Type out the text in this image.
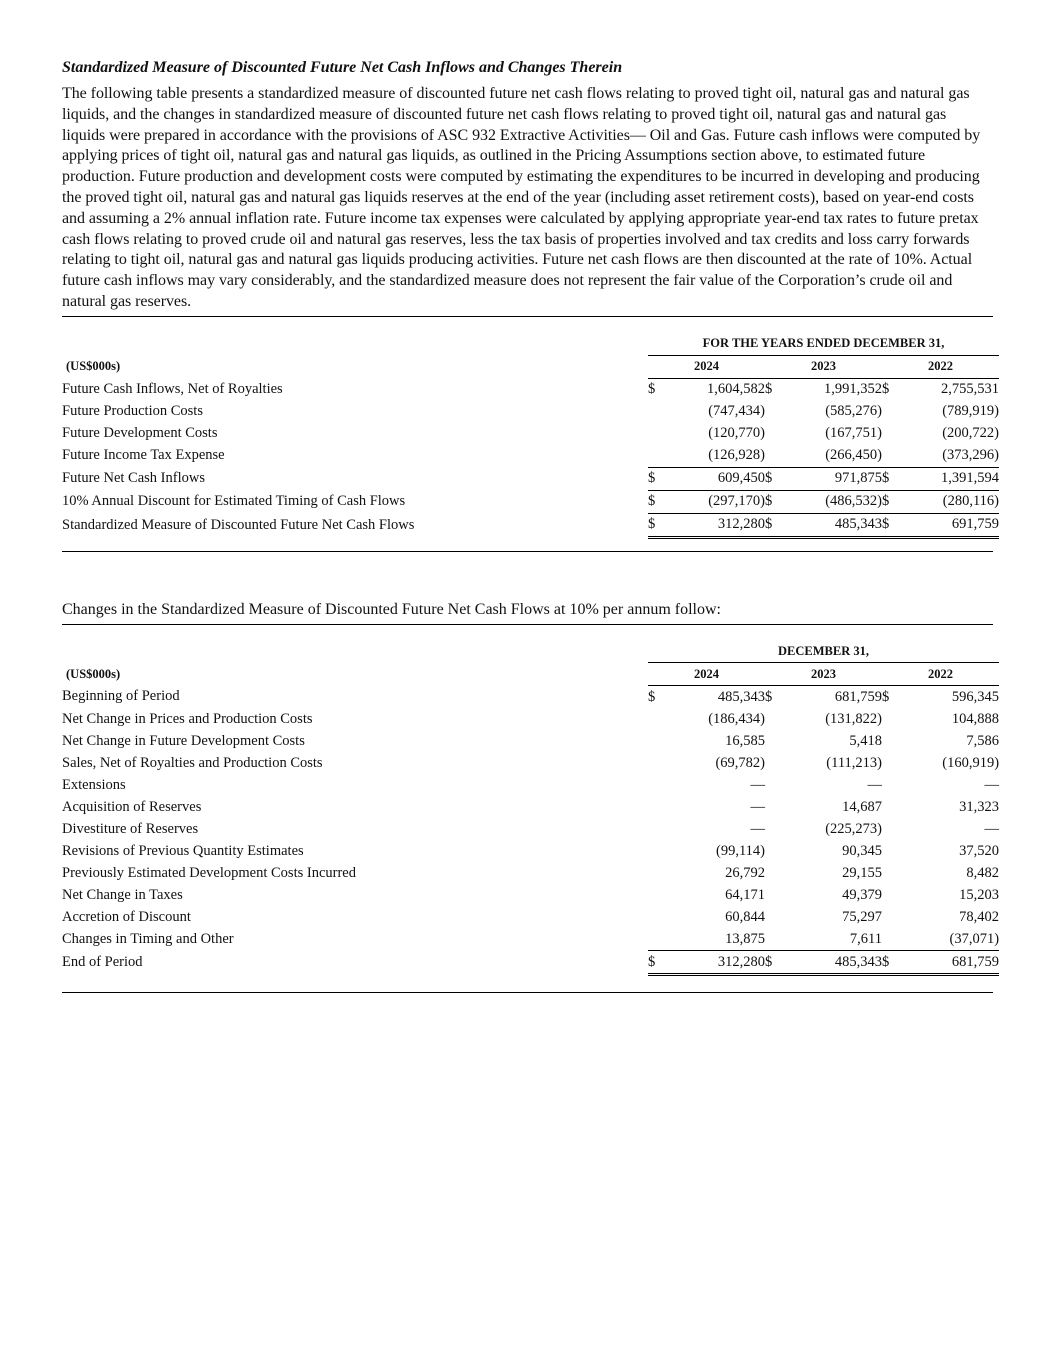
Standardized Measure of Discounted Future Net Cash Inflows and Changes Therein

The following table presents a standardized measure of discounted future net cash flows relating to proved tight oil, natural gas and natural gas liquids, and the changes in standardized measure of discounted future net cash flows relating to proved tight oil, natural gas and natural gas liquids were prepared in accordance with the provisions of ASC 932 Extractive Activities— Oil and Gas. Future cash inflows were computed by applying prices of tight oil, natural gas and natural gas liquids, as outlined in the Pricing Assumptions section above, to estimated future production. Future production and development costs were computed by estimating the expenditures to be incurred in developing and producing the proved tight oil, natural gas and natural gas liquids reserves at the end of the year (including asset retirement costs), based on year-end costs and assuming a 2% annual inflation rate. Future income tax expenses were calculated by applying appropriate year-end tax rates to future pretax cash flows relating to proved crude oil and natural gas reserves, less the tax basis of properties involved and tax credits and loss carry forwards relating to tight oil, natural gas and natural gas liquids producing activities. Future net cash flows are then discounted at the rate of 10%. Actual future cash inflows may vary considerably, and the standardized measure does not represent the fair value of the Corporation’s crude oil and natural gas reserves.

	FOR THE YEARS ENDED DECEMBER 31,					
(US$000s)	2024		2023		2022	
Future Cash Inflows, Net of Royalties	$	1,604,582	$	1,991,352	$	2,755,531
Future Production Costs		(747,434)		(585,276)		(789,919)
Future Development Costs		(120,770)		(167,751)		(200,722)
Future Income Tax Expense		(126,928)		(266,450)		(373,296)
Future Net Cash Inflows	$	609,450	$	971,875	$	1,391,594
10% Annual Discount for Estimated Timing of Cash Flows	$	(297,170)	$	(486,532)	$	(280,116)
Standardized Measure of Discounted Future Net Cash Flows	$	312,280	$	485,343	$	691,759
Changes in the Standardized Measure of Discounted Future Net Cash Flows at 10% per annum follow:
	DECEMBER 31,					
(US$000s)	2024		2023		2022	
Beginning of Period	$	485,343	$	681,759	$	596,345
Net Change in Prices and Production Costs		(186,434)		(131,822)		104,888
Net Change in Future Development Costs		16,585		5,418		7,586
Sales, Net of Royalties and Production Costs		(69,782)		(111,213)		(160,919)
Extensions		—		—		—
Acquisition of Reserves		—		14,687		31,323
Divestiture of Reserves		—		(225,273)		—
Revisions of Previous Quantity Estimates		(99,114)		90,345		37,520
Previously Estimated Development Costs Incurred		26,792		29,155		8,482
Net Change in Taxes		64,171		49,379		15,203
Accretion of Discount		60,844		75,297		78,402
Changes in Timing and Other		13,875		7,611		(37,071)
End of Period	$	312,280	$	485,343	$	681,759
